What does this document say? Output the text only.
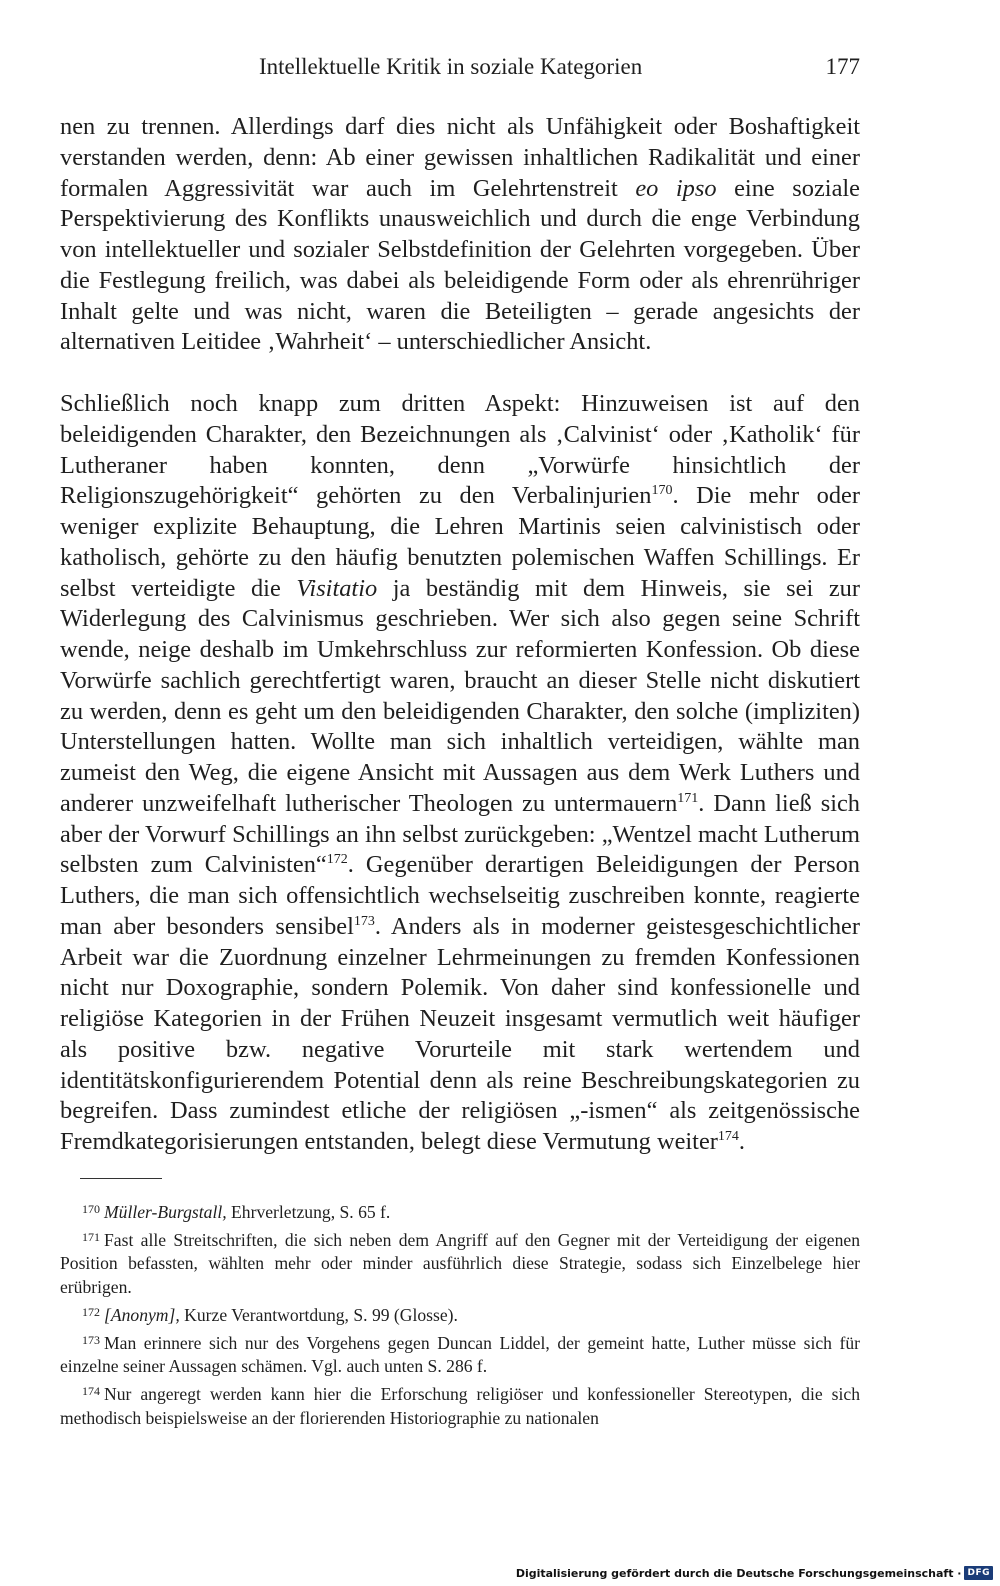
Intellektuelle Kritik in soziale Kategorien	177

nen zu trennen. Allerdings darf dies nicht als Unfähigkeit oder Boshaftigkeit verstanden werden, denn: Ab einer gewissen inhaltlichen Radikalität und einer formalen Aggressivität war auch im Gelehrtenstreit eo ipso eine soziale Perspektivierung des Konflikts unausweichlich und durch die enge Verbindung von intellektueller und sozialer Selbstdefinition der Gelehrten vorgegeben. Über die Festlegung freilich, was dabei als beleidigende Form oder als ehrenrühriger Inhalt gelte und was nicht, waren die Beteiligten – gerade angesichts der alternativen Leitidee ‚Wahrheit‘ – unterschiedlicher Ansicht.

Schließlich noch knapp zum dritten Aspekt: Hinzuweisen ist auf den beleidigenden Charakter, den Bezeichnungen als ‚Calvinist‘ oder ‚Katholik‘ für Lutheraner haben konnten, denn „Vorwürfe hinsichtlich der Religionszugehörigkeit“ gehörten zu den Verbalinjurien$^{170}$. Die mehr oder weniger explizite Behauptung, die Lehren Martinis seien calvinistisch oder katholisch, gehörte zu den häufig benutzten polemischen Waffen Schillings. Er selbst verteidigte die Visitatio ja beständig mit dem Hinweis, sie sei zur Widerlegung des Calvinismus geschrieben. Wer sich also gegen seine Schrift wende, neige deshalb im Umkehrschluss zur reformierten Konfession. Ob diese Vorwürfe sachlich gerechtfertigt waren, braucht an dieser Stelle nicht diskutiert zu werden, denn es geht um den beleidigenden Charakter, den solche (impliziten) Unterstellungen hatten. Wollte man sich inhaltlich verteidigen, wählte man zumeist den Weg, die eigene Ansicht mit Aussagen aus dem Werk Luthers und anderer unzweifelhaft lutherischer Theologen zu untermauern$^{171}$. Dann ließ sich aber der Vorwurf Schillings an ihn selbst zurückgeben: „Wentzel macht Lutherum selbsten zum Calvinisten“$^{172}$. Gegenüber derartigen Beleidigungen der Person Luthers, die man sich offensichtlich wechselseitig zuschreiben konnte, reagierte man aber besonders sensibel$^{173}$. Anders als in moderner geistesgeschichtlicher Arbeit war die Zuordnung einzelner Lehrmeinungen zu fremden Konfessionen nicht nur Doxographie, sondern Polemik. Von daher sind konfessionelle und religiöse Kategorien in der Frühen Neuzeit insgesamt vermutlich weit häufiger als positive bzw. negative Vorurteile mit stark wertendem und identitätskonfigurierendem Potential denn als reine Beschreibungskategorien zu begreifen. Dass zumindest etliche der religiösen „-ismen“ als zeitgenössische Fremdkategorisierungen entstanden, belegt diese Vermutung weiter$^{174}$.

$^{170}$ Müller-Burgstall, Ehrverletzung, S. 65 f.

$^{171}$ Fast alle Streitschriften, die sich neben dem Angriff auf den Gegner mit der Verteidigung der eigenen Position befassten, wählten mehr oder minder ausführlich diese Strategie, sodass sich Einzelbelege hier erübrigen.

$^{172}$ [Anonym], Kurze Verantwortdung, S. 99 (Glosse).

$^{173}$ Man erinnere sich nur des Vorgehens gegen Duncan Liddel, der gemeint hatte, Luther müsse sich für einzelne seiner Aussagen schämen. Vgl. auch unten S. 286 f.

$^{174}$ Nur angeregt werden kann hier die Erforschung religiöser und konfessioneller Stereotypen, die sich methodisch beispielsweise an der florierenden Historiographie zu nationalen

Digitalisierung gefördert durch die Deutsche Forschungsgemeinschaft · DFG
